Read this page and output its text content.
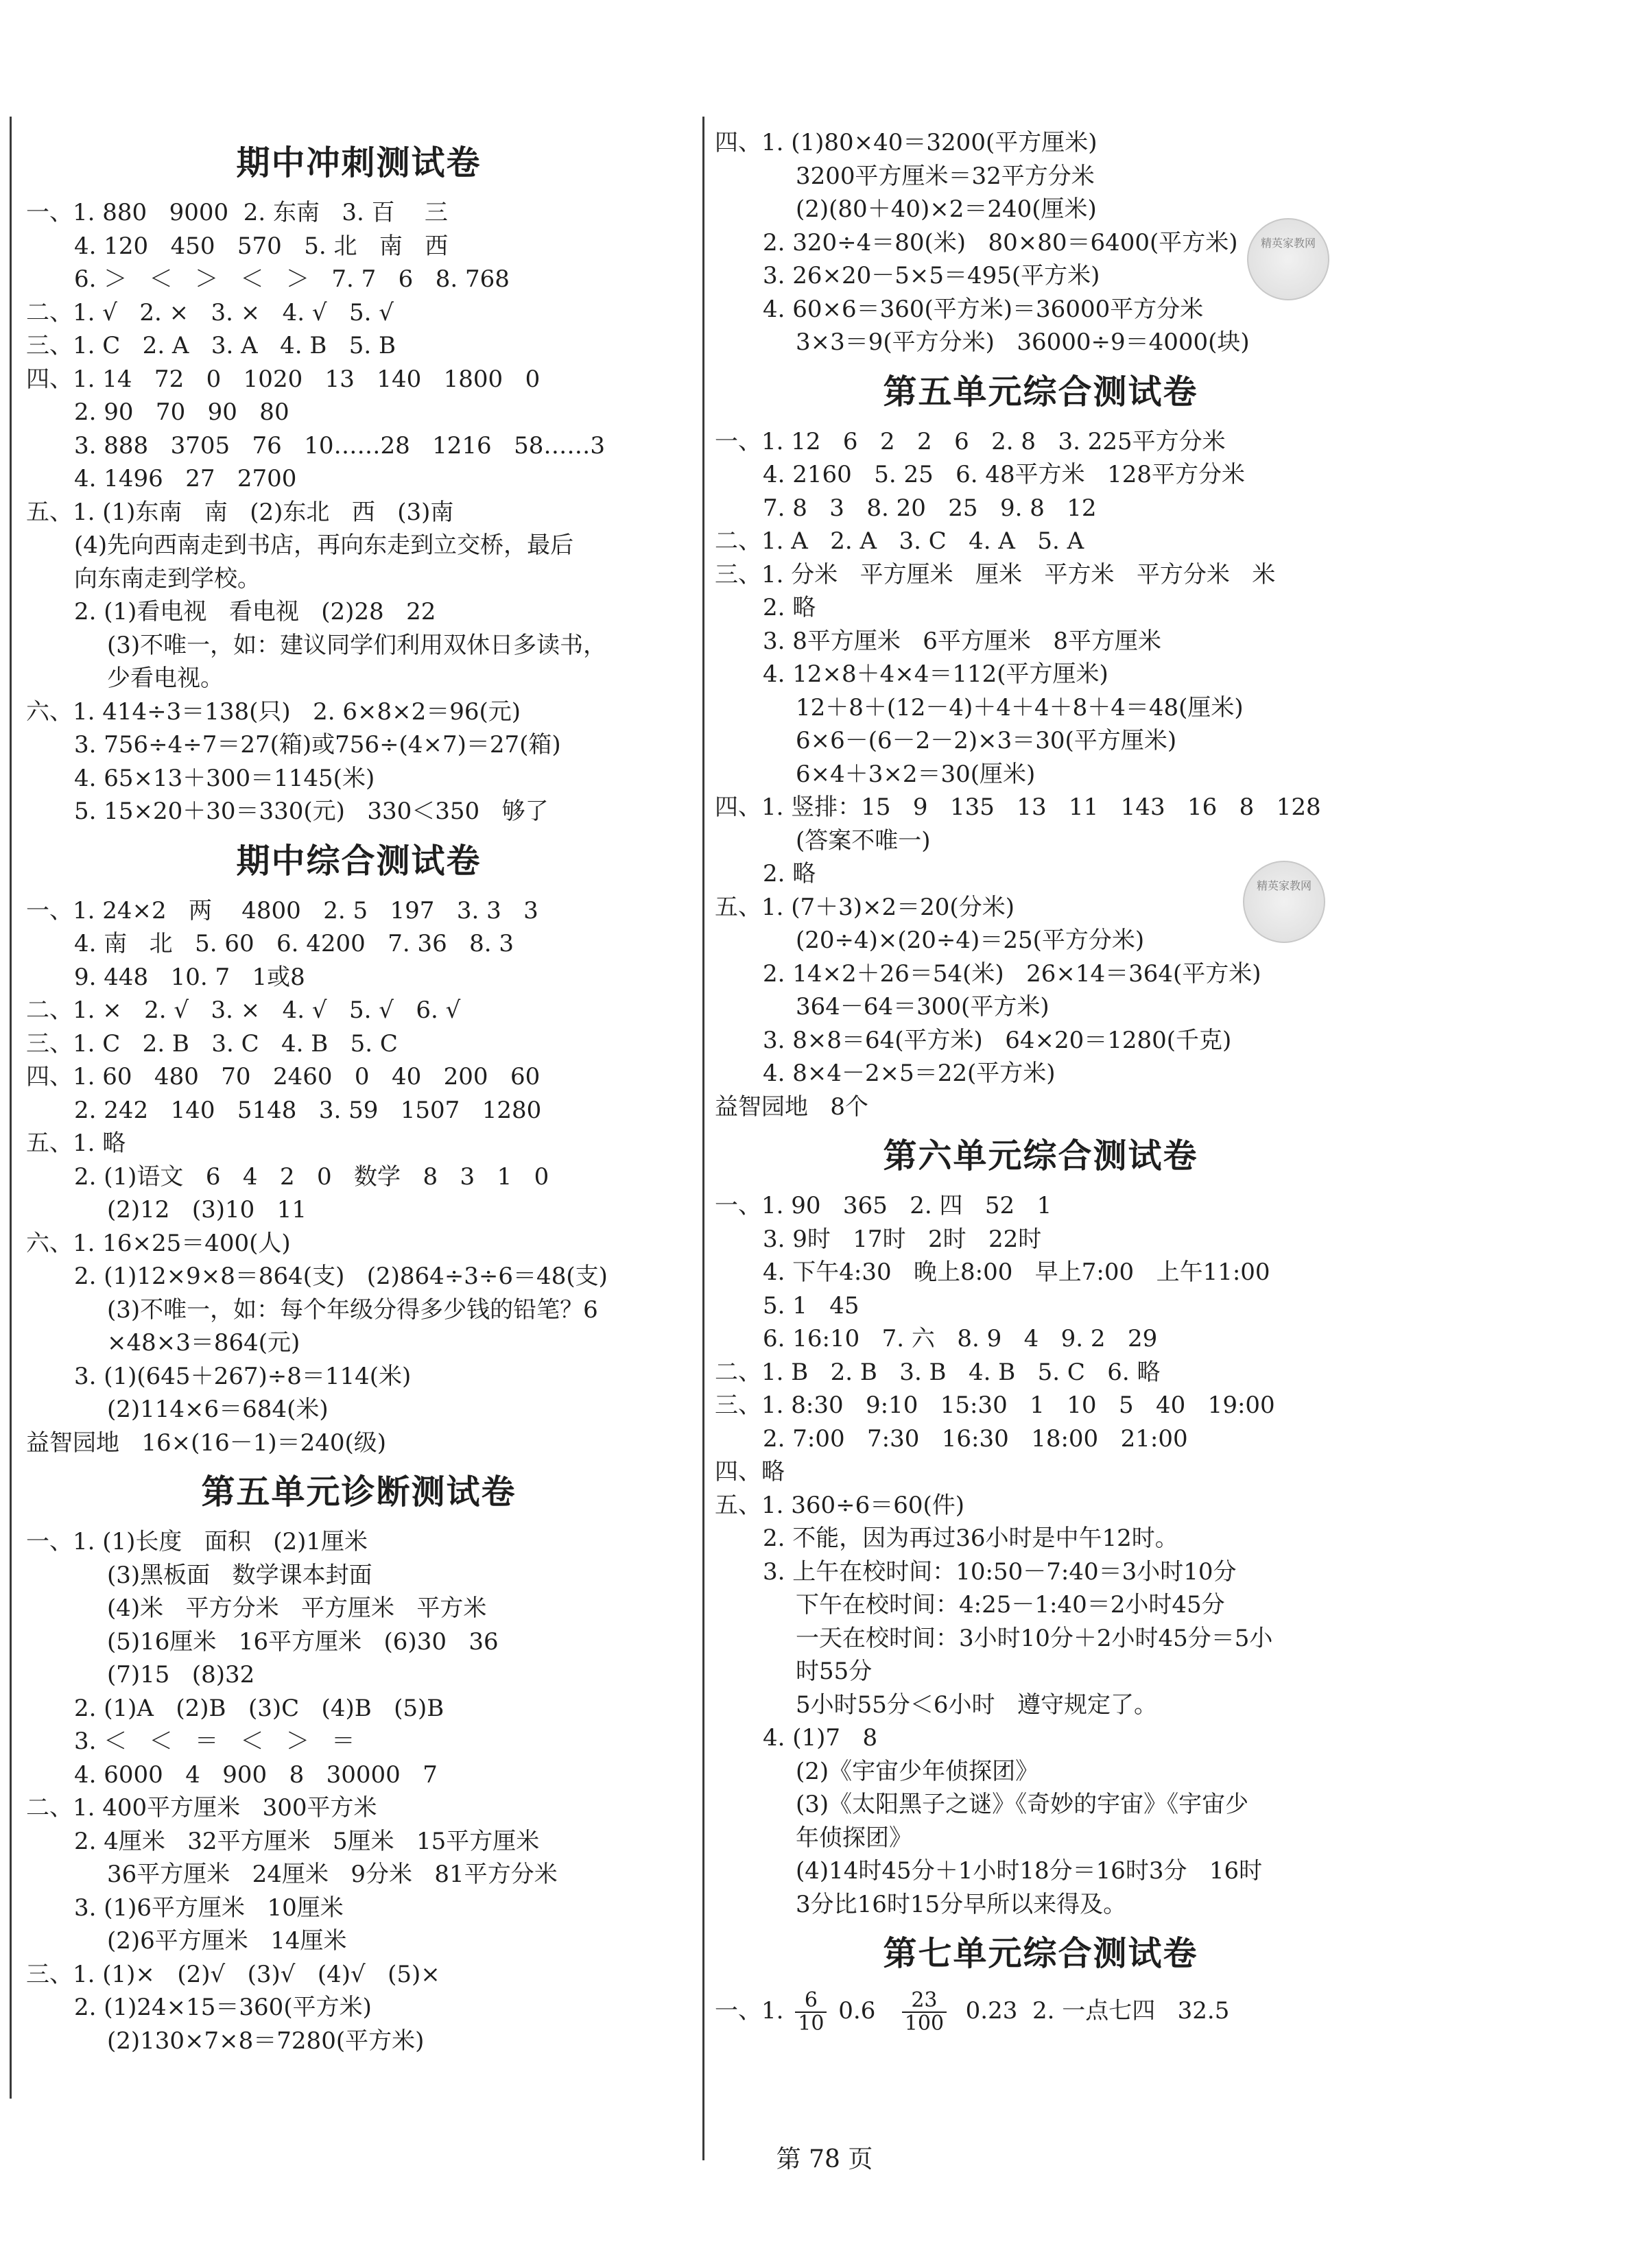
期中冲刺测试卷
一、1. 880   9000  2. 东南   3. 百    三
4. 120   450   570   5. 北   南   西
6. ＞   ＜   ＞   ＜   ＞   7. 7   6   8. 768
二、1. √   2. ×   3. ×   4. √   5. √
三、1. C   2. A   3. A   4. B   5. B
四、1. 14   72   0   1020   13   140   1800   0
2. 90   70   90   80
3. 888   3705   76   10……28   1216   58……3
4. 1496   27   2700
五、1. (1)东南   南   (2)东北   西   (3)南
(4)先向西南走到书店，再向东走到立交桥，最后
向东南走到学校。
2. (1)看电视   看电视   (2)28   22
(3)不唯一，如：建议同学们利用双休日多读书，
少看电视。
六、1. 414÷3＝138(只)   2. 6×8×2＝96(元)
3. 756÷4÷7＝27(箱)或756÷(4×7)＝27(箱)
4. 65×13＋300＝1145(米)
5. 15×20＋30＝330(元)   330＜350   够了
期中综合测试卷
一、1. 24×2   两    4800   2. 5   197   3. 3   3
4. 南   北   5. 60   6. 4200   7. 36   8. 3
9. 448   10. 7   1或8
二、1. ×   2. √   3. ×   4. √   5. √   6. √
三、1. C   2. B   3. C   4. B   5. C
四、1. 60   480   70   2460   0   40   200   60
2. 242   140   5148   3. 59   1507   1280
五、1. 略
2. (1)语文   6   4   2   0   数学   8   3   1   0
(2)12   (3)10   11
六、1. 16×25＝400(人)
2. (1)12×9×8＝864(支)   (2)864÷3÷6＝48(支)
(3)不唯一，如：每个年级分得多少钱的铅笔？6
×48×3＝864(元)
3. (1)(645＋267)÷8＝114(米)
(2)114×6＝684(米)
益智园地   16×(16－1)＝240(级)
第五单元诊断测试卷
一、1. (1)长度   面积   (2)1厘米
(3)黑板面   数学课本封面
(4)米   平方分米   平方厘米   平方米
(5)16厘米   16平方厘米   (6)30   36
(7)15   (8)32
2. (1)A   (2)B   (3)C   (4)B   (5)B
3. ＜   ＜   ＝   ＜   ＞   ＝
4. 6000   4   900   8   30000   7
二、1. 400平方厘米   300平方米
2. 4厘米   32平方厘米   5厘米   15平方厘米
36平方厘米   24厘米   9分米   81平方分米
3. (1)6平方厘米   10厘米
(2)6平方厘米   14厘米
三、1. (1)×   (2)√   (3)√   (4)√   (5)×
2. (1)24×15＝360(平方米)
(2)130×7×8＝7280(平方米)
四、1. (1)80×40＝3200(平方厘米)
3200平方厘米＝32平方分米
(2)(80＋40)×2＝240(厘米)
2. 320÷4＝80(米)   80×80＝6400(平方米)
3. 26×20－5×5＝495(平方米)
4. 60×6＝360(平方米)＝36000平方分米
3×3＝9(平方分米)   36000÷9＝4000(块)
第五单元综合测试卷
一、1. 12   6   2   2   6   2. 8   3. 225平方分米
4. 2160   5. 25   6. 48平方米   128平方分米
7. 8   3   8. 20   25   9. 8   12
二、1. A   2. A   3. C   4. A   5. A
三、1. 分米   平方厘米   厘米   平方米   平方分米   米
2. 略
3. 8平方厘米   6平方厘米   8平方厘米
4. 12×8＋4×4＝112(平方厘米)
12＋8＋(12－4)＋4＋4＋8＋4＝48(厘米)
6×6－(6－2－2)×3＝30(平方厘米)
6×4＋3×2＝30(厘米)
四、1. 竖排：15   9   135   13   11   143   16   8   128
(答案不唯一)
2. 略
五、1. (7＋3)×2＝20(分米)
(20÷4)×(20÷4)＝25(平方分米)
2. 14×2＋26＝54(米)   26×14＝364(平方米)
364－64＝300(平方米)
3. 8×8＝64(平方米)   64×20＝1280(千克)
4. 8×4－2×5＝22(平方米)
益智园地   8个
第六单元综合测试卷
一、1. 90   365   2. 四   52   1
3. 9时   17时   2时   22时
4. 下午4:30   晚上8:00   早上7:00   上午11:00
5. 1   45
6. 16:10   7. 六   8. 9   4   9. 2   29
二、1. B   2. B   3. B   4. B   5. C   6. 略
三、1. 8:30   9:10   15:30   1   10   5   40   19:00
2. 7:00   7:30   16:30   18:00   21:00
四、略
五、1. 360÷6＝60(件)
2. 不能，因为再过36小时是中午12时。
3. 上午在校时间：10:50－7:40＝3小时10分
下午在校时间：4:25－1:40＝2小时45分
一天在校时间：3小时10分＋2小时45分＝5小
时55分
5小时55分＜6小时   遵守规定了。
4. (1)7   8
(2)《宇宙少年侦探团》
(3)《太阳黑子之谜》《奇妙的宇宙》《宇宙少
年侦探团》
(4)14时45分＋1小时18分＝16时3分   16时
3分比16时15分早所以来得及。
第七单元综合测试卷
一、1. $\frac{6}{10} 0.6 \frac{23}{100} 0.23$ 2. 一点七四   32.5
精英家教网
精英家教网
第 78 页
